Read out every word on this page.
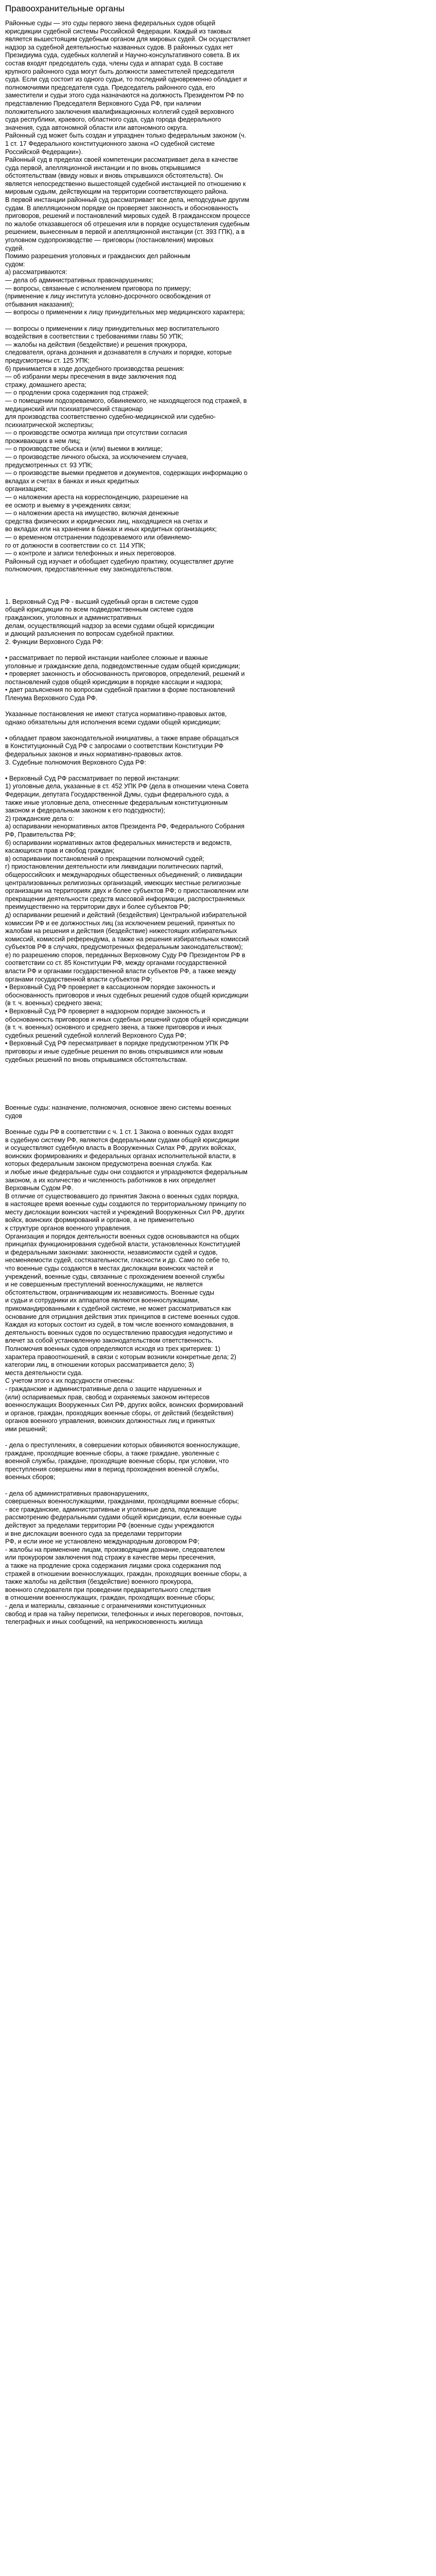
Правоохранительные органы
Районные суды — это суды первого звена федеральных судов общей
юрисдикции судебной системы Российской Федерации. Каждый из таковых
является вышестоящим судебным органом для мировых судей. Он осуществляет
надзор за судебной деятельностью названных судов. В районных судах нет
Президиума суда, судебных коллегий и Научно-консультативного совета. В их
состав входят председатель суда, члены суда и аппарат суда. В составе
крупного районного суда могут быть должности заместителей председателя
суда. Если суд состоит из одного судьи, то последний одновременно обладает и
полномочиями председателя суда. Председатель районного суда, его
заместители и судьи этого суда назначаются на должность Президентом РФ по
представлению Председателя Верховного Суда РФ, при наличии
положительного заключения квалификационных коллегий судей верховного
суда республики, краевого, областного суда, суда города федерального
значения, суда автономной области или автономного округа.
Районный суд может быть создан и упразднен только федеральным законом (ч.
1 ст. 17 Федерального конституционного закона «О судебной системе
Российской Федерации»).
Районный суд в пределах своей компетенции рассматривает дела в качестве
суда первой, апелляционной инстанции и по вновь открывшимся
обстоятельствам (ввиду новых и вновь открывшихся обстоятельств). Он
является непосредственно вышестоящей судебной инстанцией по отношению к
мировым судьям, действующим на территории соответствующего района.
В первой инстанции районный суд рассматривает все дела, неподсудные другим
судам. В апелляционном порядке он проверяет законность и обоснованность
приговоров, решений и постановлений мировых судей. В граждансском процессе
по жалобе отказавшегося об отрешения или в порядке осуществления судебным
решением, вынесенным в первой и апелляционной инстанции (ст. 393 ГПК), а в
уголовном судопроизводстве — приговоры (постановления) мировых
судей.
Помимо разрешения уголовных и гражданских дел районным
судом:
а) рассматриваются:
— дела об административных правонарушениях;
— вопросы, связанные с исполнением приговора по примеру;
(применение к лицу института условно-досрочного освобождения от
отбывания наказания);
— вопросы о применении к лицу принудительных мер медицинского характера;
— вопросы о применении к лицу принудительных мер воспитательного
воздействия в соответствии с требованиями главы 50 УПК;
— жалобы на действия (бездействие) и решения прокурора,
следователя, органа дознания и дознавателя в случаях и порядке, которые
предусмотрены ст. 125 УПК;
б) принимается в ходе досудебного производства решения:
— об избрании меры пресечения в виде заключения под
стражу, домашнего ареста;
— о продлении срока содержания под стражей;
— о помещении подозреваемого, обвиняемого, не находящегося под стражей, в
медицинский или психиатрический стационар
для производства соответственно судебно-медицинской или судебно-
психиатрической экспертизы;
— о производстве осмотра жилища при отсутствии согласия
проживающих в нем лиц;
— о производстве обыска и (или) выемки в жилище;
— о производстве личного обыска, за исключением случаев,
предусмотренных ст. 93 УПК;
— о производстве выемки предметов и документов, содержащих информацию о
вкладах и счетах в банках и иных кредитных
организациях;
— о наложении ареста на корреспонденцию, разрешение на
ее осмотр и выемку в учреждениях связи;
— о наложении ареста на имущество, включая денежные
средства физических и юридических лиц, находящиеся на счетах и
во вкладах или на хранении в банках и иных кредитных организациях;
— о временном отстранении подозреваемого или обвиняемо-
го от должности в соответствии со ст. 114 УПК;
— о контроле и записи телефонных и иных переговоров.
Районный суд изучает и обобщает судебную практику, осуществляет другие
полномочия, предоставленные ему законодательством.
1. Верховный Суд РФ - высший судебный орган в системе судов
общей юрисдикции по всем подведомственным системе судов
гражданских, уголовных и административных
делам, осуществляющий надзор за всеми судами общей юрисдикции
и дающий разъяснения по вопросам судебной практики.
2. Функции Верховного Суда РФ:
• рассматривает по первой инстанции наиболее сложные и важные
уголовные и гражданские дела, подведомственные судам общей юрисдикции;
• проверяет законность и обоснованность приговоров, определений, решений и
постановлений судов общей юрисдикции в порядке кассации и надзора;
• дает разъяснения по вопросам судебной практики в форме постановлений
Пленума Верховного Суда РФ.
Указанные постановления не имеют статуса нормативно-правовых актов,
однако обязательны для исполнения всеми судами общей юрисдикции;
• обладает правом законодательной инициативы, а также вправе обращаться
в Конституционный Суд РФ с запросами о соответствии Конституции РФ
федеральных законов и иных нормативно-правовых актов.
3. Судебные полномочия Верховного Суда РФ:
• Верховный Суд РФ рассматривает по первой инстанции:
1) уголовные дела, указанные в ст. 452 УПК РФ (дела в отношении члена Совета
Федерации, депутата Государственной Думы, судьи федерального суда, а
также иные уголовные дела, отнесенные федеральным конституционным
законом и федеральным законом к его подсудности);
2) гражданские дела о:
а) оспаривании ненормативных актов Президента РФ, Федерального Собрания
РФ, Правительства РФ;
б) оспаривании нормативных актов федеральных министерств и ведомств,
касающихся прав и свобод граждан;
в) оспаривании постановлений о прекращении полномочий судей;
г) приостановлении деятельности или ликвидации политических партий,
общероссийских и международных общественных объединений; о ликвидации
централизованных религиозных организаций, имеющих местные религиозные
организации на территориях двух и более субъектов РФ; о приостановлении или
прекращении деятельности средств массовой информации, распространяемых
преимущественно на территории двух и более субъектов РФ;
д) оспаривании решений и действий (бездействия) Центральной избирательной
комиссии РФ и ее должностных лиц (за исключением решений, принятых по
жалобам на решения и действия (бездействие) нижестоящих избирательных
комиссий, комиссий референдума, а также на решения избирательных комиссий
субъектов РФ в случаях, предусмотренных федеральным законодательством);
е) по разрешению споров, переданных Верховному Суду РФ Президентом РФ в
соответствии со ст. 85 Конституции РФ, между органами государственной
власти РФ и органами государственной власти субъектов РФ, а также между
органами государственной власти субъектов РФ;
• Верховный Суд РФ проверяет в кассационном порядке законность и
обоснованность приговоров и иных судебных решений судов общей юрисдикции
(в т. ч. военных) среднего звена;
• Верховный Суд РФ проверяет в надзорном порядке законность и
обоснованность приговоров и иных судебных решений судов общей юрисдикции
(в т. ч. военных) основного и среднего звена, а также приговоров и иных
судебных решений судебной коллегий Верховного Суда РФ;
• Верховный Суд РФ пересматривает в порядке предусмотренном УПК РФ
приговоры и иные судебные решения по вновь открывшимся или новым
судебных решений по вновь открывшимся обстоятельствам.
Военные суды: назначение, полномочия, основное звено системы военных
судов
Военные суды РФ в соответствии с ч. 1 ст. 1 Закона о военных судах входят
в судебную систему РФ, являются федеральными судами общей юрисдикции
и осуществляют судебную власть в Вооруженных Силах РФ, других войсках,
воинских формированиях и федеральных органах исполнительной власти, в
которых федеральным законом предусмотрена военная служба. Как
и любые иные федеральные суды они создаются и упраздняются федеральным
законом, а их количество и численность работников в них определяет
Верховным Судом РФ.
В отличие от существовавшего до принятия Закона о военных судах порядка,
в настоящее время военные суды создаются по территориальному принципу по
месту дислокации воинских частей и учреждений Вооруженных Сил РФ, других
войск, воинских формирований и органов, а не применительно
к структуре органов военного управления.
Организация и порядок деятельности военных судов основываются на общих
принципах функционирования судебной власти, установленных Конституцией
и федеральными законами: законности, независимости судей и судов,
несменяемости судей, состязательности, гласности и др. Само по себе то,
что военные суды создаются в местах дислокации воинских частей и
учреждений, военные суды, связанные с прохождением военной службы
и не совершенным преступлений военнослужащими, не является
обстоятельством, ограничивающим их независимость. Военные суды
и судьи и сотрудники их аппаратов являются военнослужащими,
прикомандированными к судебной системе, не может рассматриваться как
основание для отрицания действия этих принципов в системе военных судов.
Каждая из которых состоит из судей, в том числе военного командования, в
деятельность военных судов по осуществлению правосудия недопустимо и
влечет за собой установленную законодательством ответственность.
Полномочия военных судов определяются исходя из трех критериев: 1)
характера правоотношений, в связи с которым возникли конкретные дела; 2)
категории лиц, в отношении которых рассматривается дело; 3)
места деятельности суда.
С учетом этого к их подсудности отнесены:
- гражданские и административные дела о защите нарушенных и
(или) оспариваемых прав, свобод и охраняемых законом интересов
военнослужащих Вооруженных Сил РФ, других войск, воинских формирований
и органов, граждан, проходящих военные сборы, от действий (бездействия)
органов военного управления, воинских должностных лиц и принятых
ими решений;
- дела о преступлениях, в совершении которых обвиняются военнослужащие,
граждане, проходящие военные сборы, а также граждане, уволенные с
военной службы, граждане, проходящие военные сборы, при условии, что
преступления совершены ими в период прохождения военной службы,
военных сборов;
- дела об административных правонарушениях,
совершенных военнослужащими, гражданами, проходящими военные сборы;
- все гражданские, административные и уголовные дела, подлежащие
рассмотрению федеральными судами общей юрисдикции, если военные суды
действуют за пределами территории РФ (военные суды учреждаются
и вне дислокации военного суда за пределами территории
РФ, и если иное не установлено международным договором РФ;
- жалобы на применение лицам, производящим дознание, следователем
или прокурором заключения под стражу в качестве меры пресечения,
а также на продление срока содержания лицами срока содержания под
стражей в отношении военнослужащих, граждан, проходящих военные сборы, а
также жалобы на действия (бездействие) военного прокурора,
военного следователя при проведении предварительного следствия
в отношении военнослужащих, граждан, проходящих военные сборы;
- дела и материалы, связанные с ограничениями конституционных
свобод и прав на тайну переписки, телефонных и иных переговоров, почтовых,
телеграфных и иных сообщений, на неприкосновенность жилища
